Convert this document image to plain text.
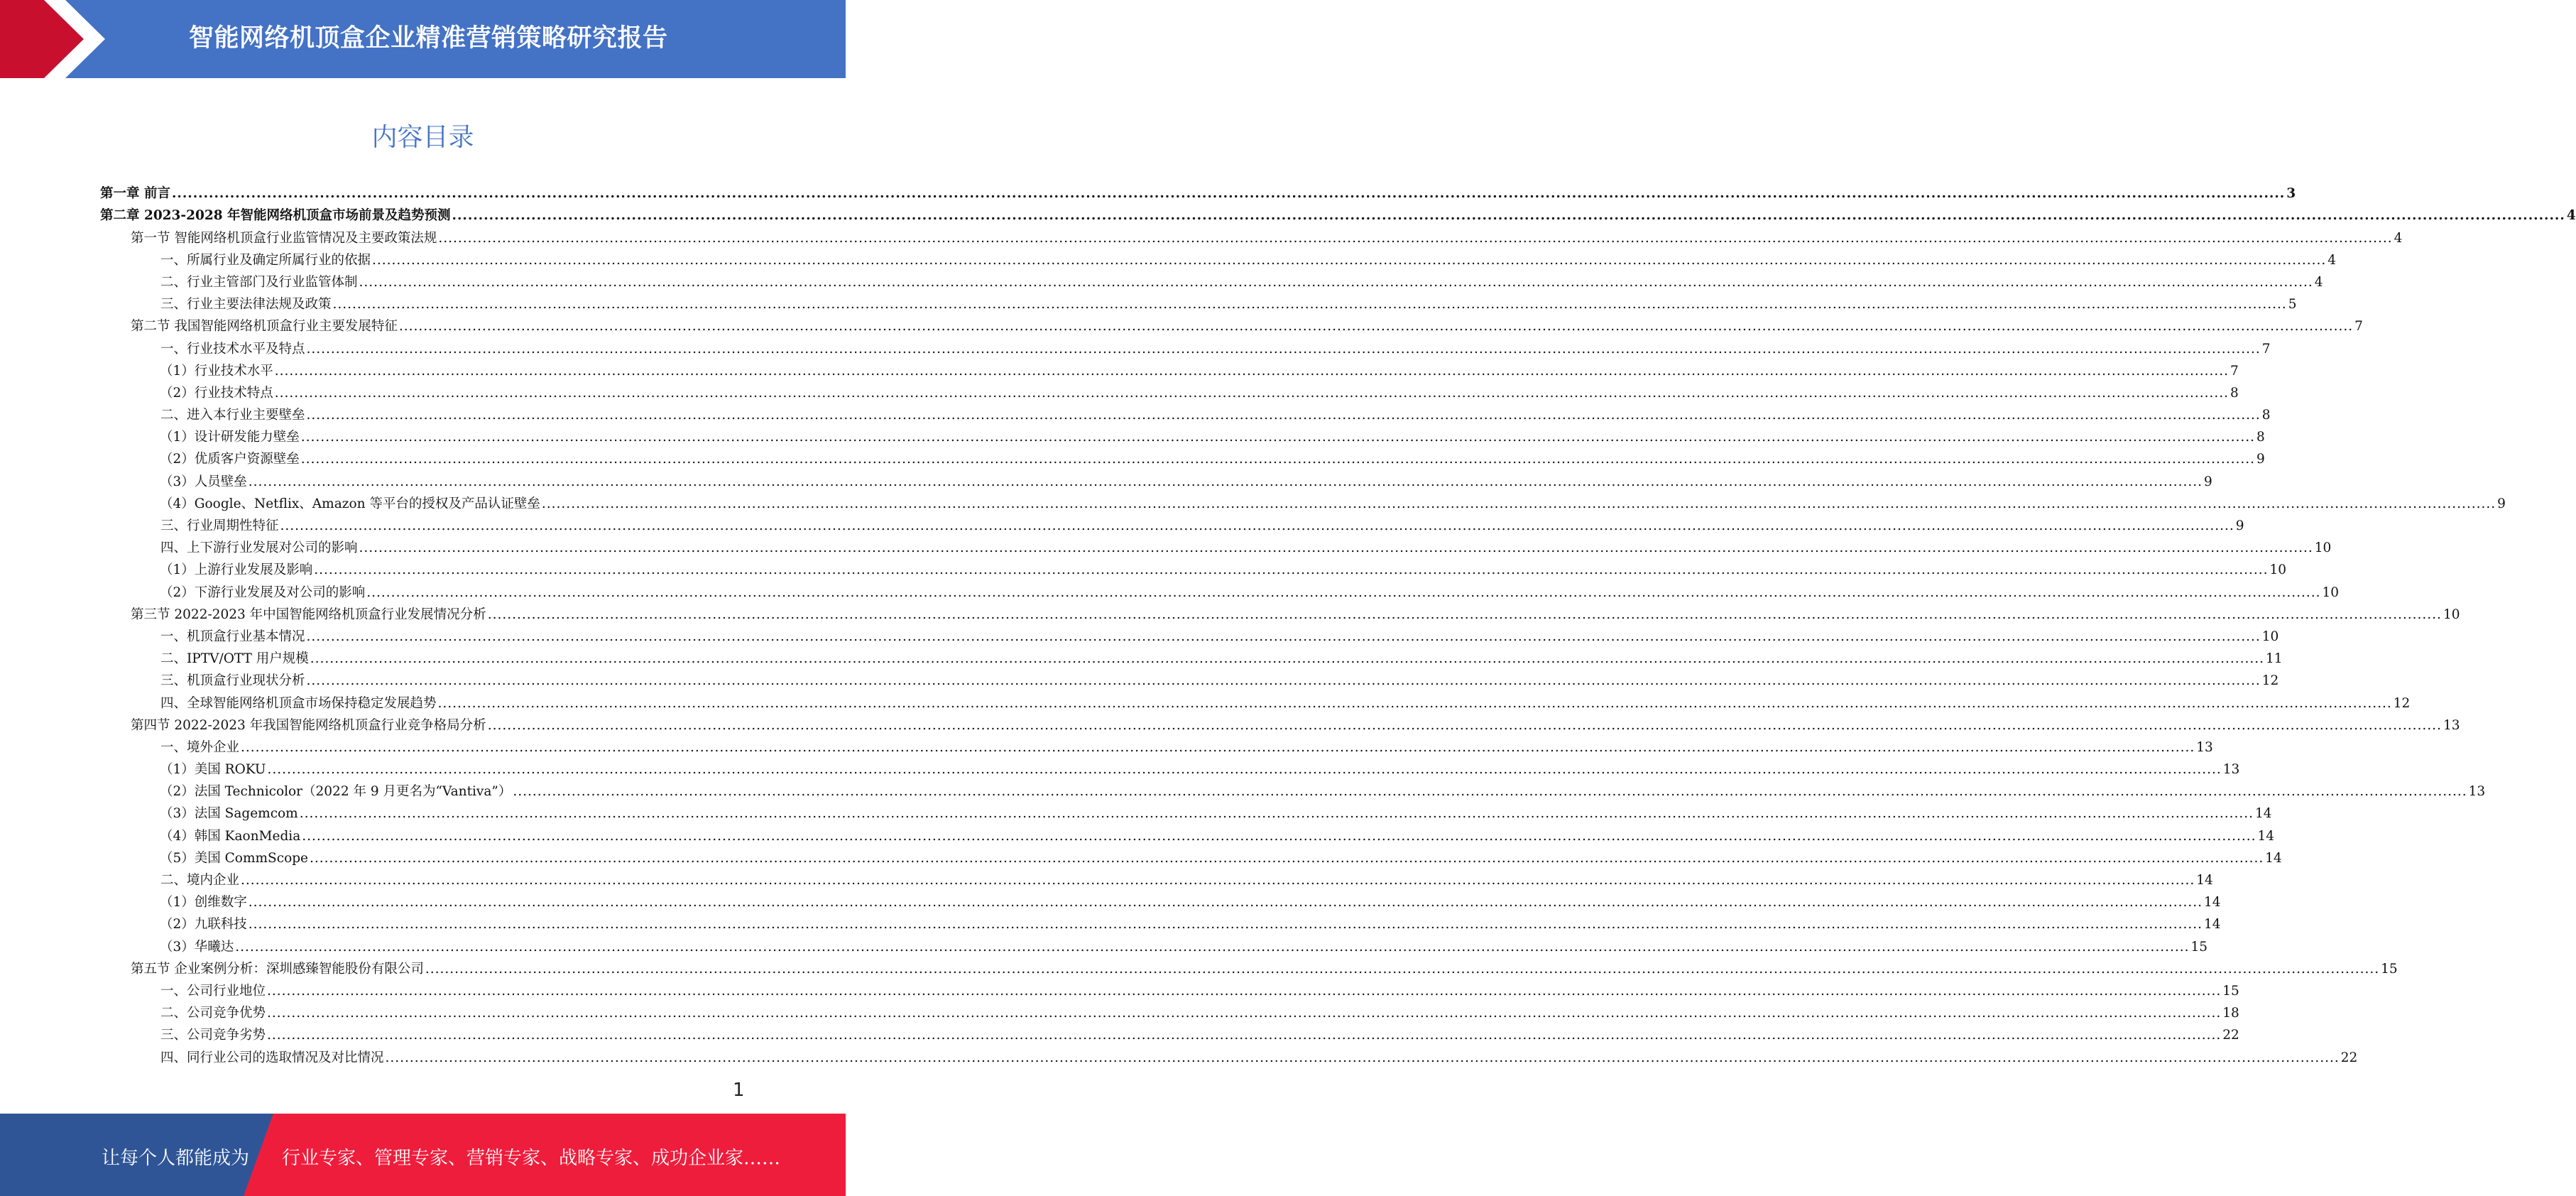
智能网络机顶盒企业精准营销策略研究报告
内容目录
第一章 前言 ................................................................................................................................................................................................................................................................................................................................................................................................................ 3
第二章 2023-2028 年智能网络机顶盒市场前景及趋势预测 ................................................................................................................................................................................................................................................................................................................................................................................................................ 4
第一节 智能网络机顶盒行业监管情况及主要政策法规 ................................................................................................................................................................................................................................................................................................................................................................................................................ 4
一、所属行业及确定所属行业的依据 ................................................................................................................................................................................................................................................................................................................................................................................................................ 4
二、行业主管部门及行业监管体制 ................................................................................................................................................................................................................................................................................................................................................................................................................ 4
三、行业主要法律法规及政策 ................................................................................................................................................................................................................................................................................................................................................................................................................ 5
第二节 我国智能网络机顶盒行业主要发展特征 ................................................................................................................................................................................................................................................................................................................................................................................................................ 7
一、行业技术水平及特点 ................................................................................................................................................................................................................................................................................................................................................................................................................ 7
（1）行业技术水平 ................................................................................................................................................................................................................................................................................................................................................................................................................ 7
（2）行业技术特点 ................................................................................................................................................................................................................................................................................................................................................................................................................ 8
二、进入本行业主要壁垒 ................................................................................................................................................................................................................................................................................................................................................................................................................ 8
（1）设计研发能力壁垒 ................................................................................................................................................................................................................................................................................................................................................................................................................ 8
（2）优质客户资源壁垒 ................................................................................................................................................................................................................................................................................................................................................................................................................ 9
（3）人员壁垒 ................................................................................................................................................................................................................................................................................................................................................................................................................ 9
（4）Google、Netflix、Amazon 等平台的授权及产品认证壁垒 ................................................................................................................................................................................................................................................................................................................................................................................................................ 9
三、行业周期性特征 ................................................................................................................................................................................................................................................................................................................................................................................................................ 9
四、上下游行业发展对公司的影响 ................................................................................................................................................................................................................................................................................................................................................................................................................ 10
（1）上游行业发展及影响 ................................................................................................................................................................................................................................................................................................................................................................................................................ 10
（2）下游行业发展及对公司的影响 ................................................................................................................................................................................................................................................................................................................................................................................................................ 10
第三节 2022-2023 年中国智能网络机顶盒行业发展情况分析 ................................................................................................................................................................................................................................................................................................................................................................................................................ 10
一、机顶盒行业基本情况 ................................................................................................................................................................................................................................................................................................................................................................................................................ 10
二、IPTV/OTT 用户规模 ................................................................................................................................................................................................................................................................................................................................................................................................................ 11
三、机顶盒行业现状分析 ................................................................................................................................................................................................................................................................................................................................................................................................................ 12
四、全球智能网络机顶盒市场保持稳定发展趋势 ................................................................................................................................................................................................................................................................................................................................................................................................................ 12
第四节 2022-2023 年我国智能网络机顶盒行业竞争格局分析 ................................................................................................................................................................................................................................................................................................................................................................................................................ 13
一、境外企业 ................................................................................................................................................................................................................................................................................................................................................................................................................ 13
（1）美国 ROKU ................................................................................................................................................................................................................................................................................................................................................................................................................ 13
（2）法国 Technicolor（2022 年 9 月更名为“Vantiva”） ................................................................................................................................................................................................................................................................................................................................................................................................................ 13
（3）法国 Sagemcom ................................................................................................................................................................................................................................................................................................................................................................................................................ 14
（4）韩国 KaonMedia ................................................................................................................................................................................................................................................................................................................................................................................................................ 14
（5）美国 CommScope ................................................................................................................................................................................................................................................................................................................................................................................................................ 14
二、境内企业 ................................................................................................................................................................................................................................................................................................................................................................................................................ 14
（1）创维数字 ................................................................................................................................................................................................................................................................................................................................................................................................................ 14
（2）九联科技 ................................................................................................................................................................................................................................................................................................................................................................................................................ 14
（3）华曦达 ................................................................................................................................................................................................................................................................................................................................................................................................................ 15
第五节 企业案例分析：深圳感臻智能股份有限公司 ................................................................................................................................................................................................................................................................................................................................................................................................................ 15
一、公司行业地位 ................................................................................................................................................................................................................................................................................................................................................................................................................ 15
二、公司竞争优势 ................................................................................................................................................................................................................................................................................................................................................................................................................ 18
三、公司竞争劣势 ................................................................................................................................................................................................................................................................................................................................................................................................................ 22
四、同行业公司的选取情况及对比情况 ................................................................................................................................................................................................................................................................................................................................................................................................................ 22
1
让每个人都能成为 行业专家、管理专家、营销专家、战略专家、成功企业家……
